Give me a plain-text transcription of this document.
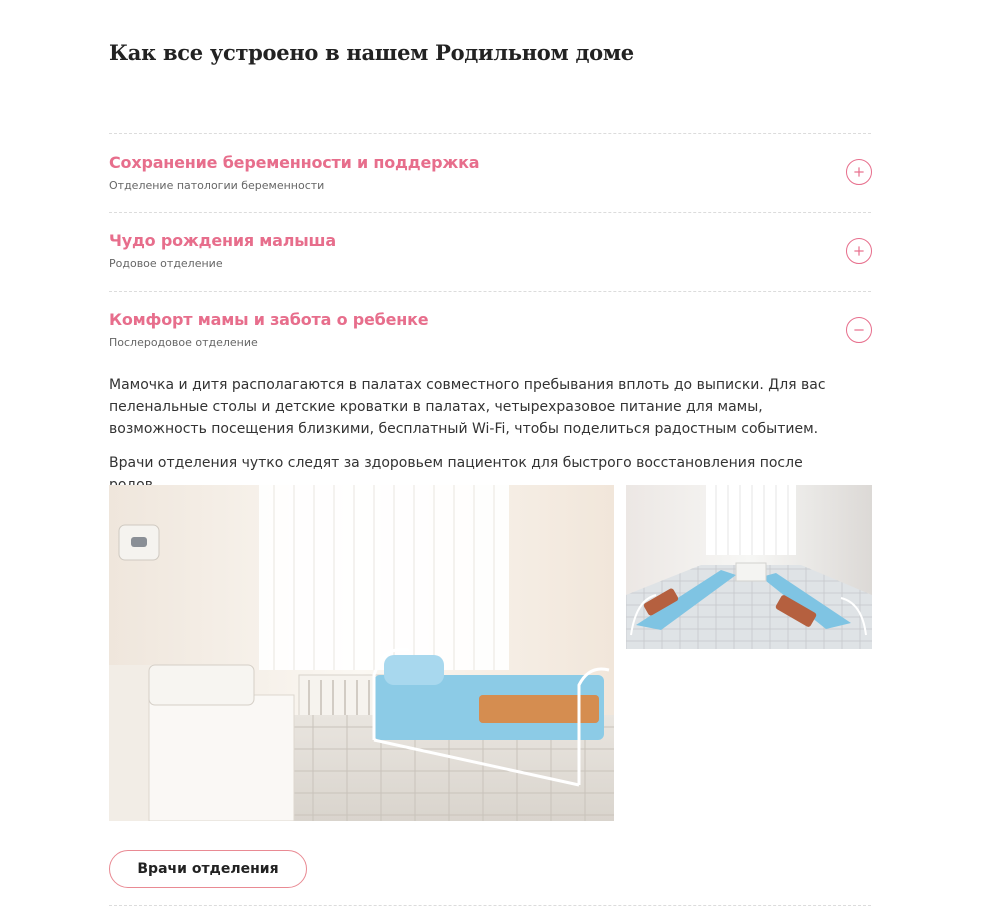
Как все устроено в нашем Родильном доме
Сохранение беременности и поддержка
Отделение патологии беременности
Чудо рождения малыша
Родовое отделение
Комфорт мамы и забота о ребенке
Послеродовое отделение

Мамочка и дитя располагаются в палатах совместного пребывания вплоть до выписки. Для вас пеленальные столы и детские кроватки в палатах, четырехразовое питание для мамы, возможность посещения близкими, бесплатный Wi-Fi, чтобы поделиться радостным событием.

Врачи отделения чутко следят за здоровьем пациенток для быстрого восстановления после

Врачи отделения
